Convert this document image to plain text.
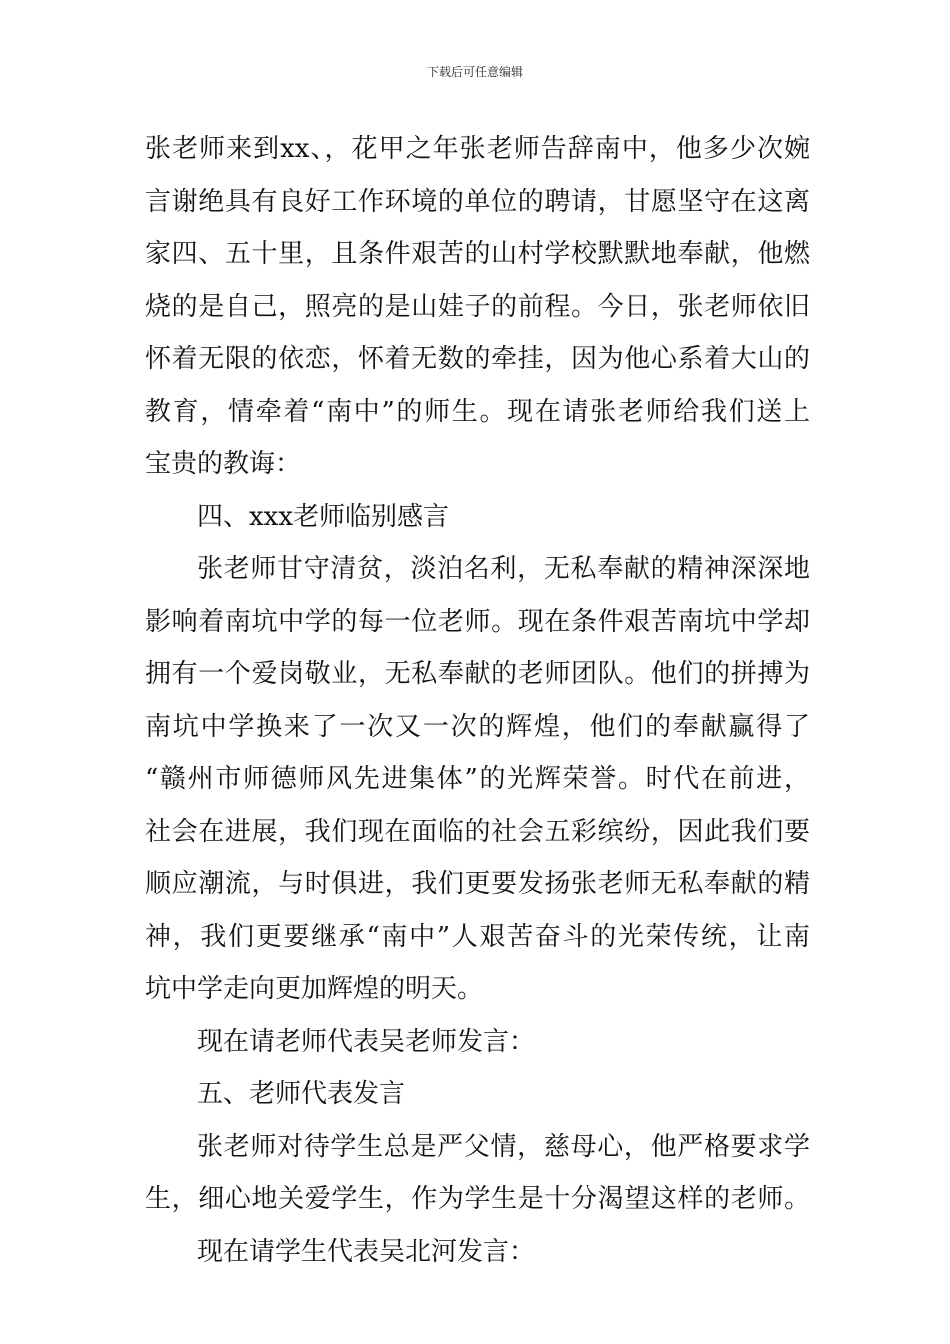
下载后可任意编辑
张老师来到xx、，花甲之年张老师告辞南中，他多少次婉
言谢绝具有良好工作环境的单位的聘请，甘愿坚守在这离
家四、五十里，且条件艰苦的山村学校默默地奉献，他燃
烧的是自己，照亮的是山娃子的前程。今日，张老师依旧
怀着无限的依恋，怀着无数的牵挂，因为他心系着大山的
教育，情牵着“南中”的师生。现在请张老师给我们送上
宝贵的教诲：
四、xxx老师临别感言
张老师甘守清贫，淡泊名利，无私奉献的精神深深地
影响着南坑中学的每一位老师。现在条件艰苦南坑中学却
拥有一个爱岗敬业，无私奉献的老师团队。他们的拼搏为
南坑中学换来了一次又一次的辉煌，他们的奉献赢得了
“赣州市师德师风先进集体”的光辉荣誉。时代在前进，
社会在进展，我们现在面临的社会五彩缤纷，因此我们要
顺应潮流，与时俱进，我们更要发扬张老师无私奉献的精
神，我们更要继承“南中”人艰苦奋斗的光荣传统，让南
坑中学走向更加辉煌的明天。
现在请老师代表吴老师发言：
五、老师代表发言
张老师对待学生总是严父情，慈母心，他严格要求学
生，细心地关爱学生，作为学生是十分渴望这样的老师。
现在请学生代表吴北河发言：
